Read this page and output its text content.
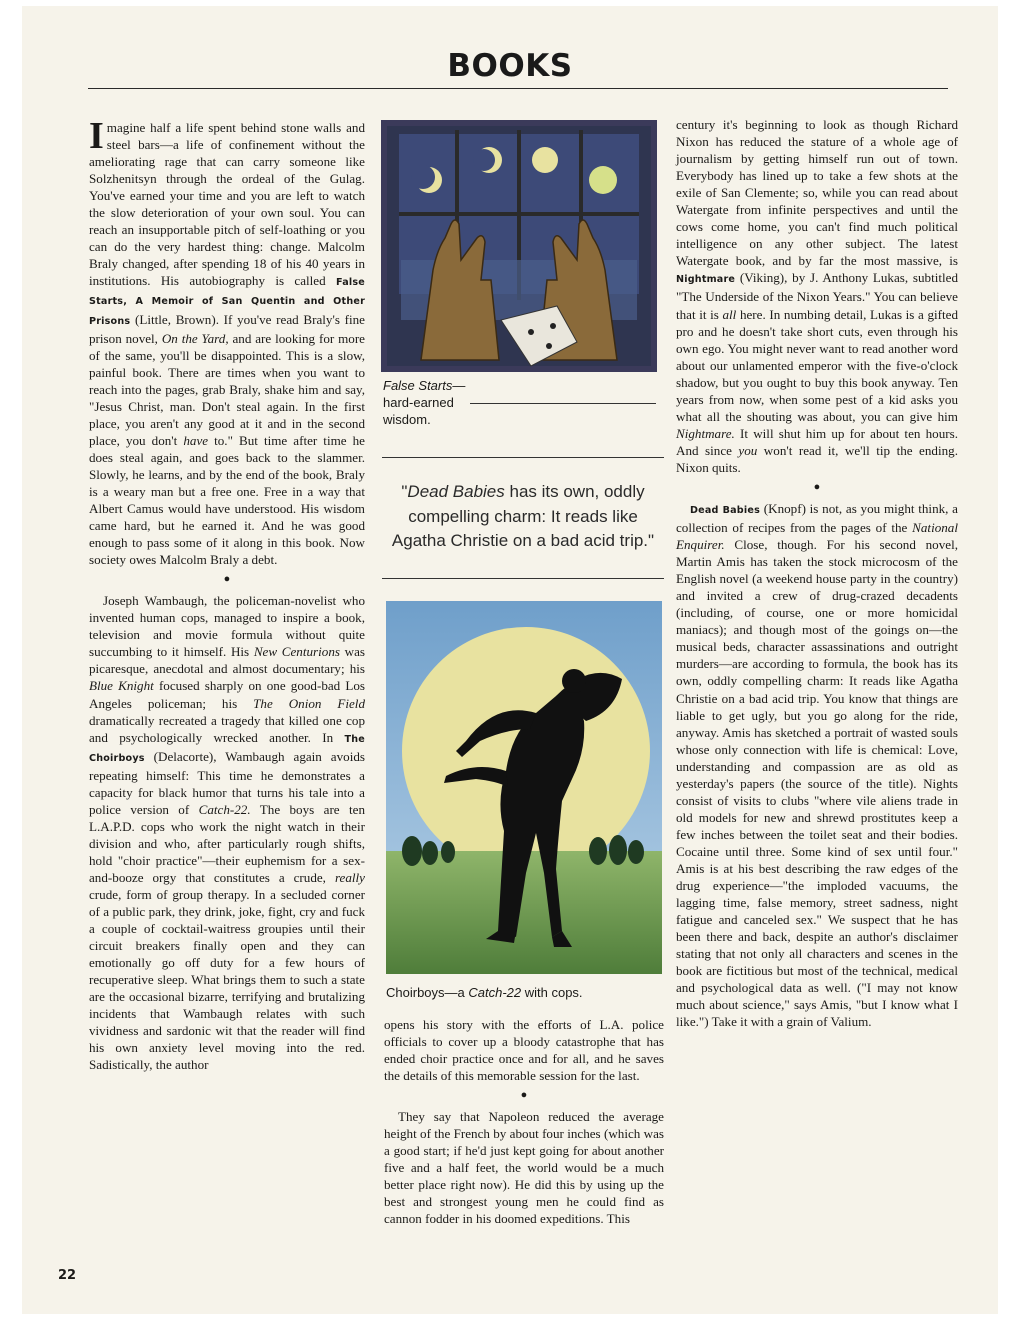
BOOKS

Imagine half a life spent behind stone walls and steel bars—a life of confinement without the ameliorating rage that can carry someone like Solzhenitsyn through the ordeal of the Gulag. You've earned your time and you are left to watch the slow deterioration of your own soul. You can reach an insupportable pitch of self-loathing or you can do the very hardest thing: change. Malcolm Braly changed, after spending 18 of his 40 years in institutions. His autobiography is called False Starts, A Memoir of San Quentin and Other Prisons (Little, Brown). If you've read Braly's fine prison novel, On the Yard, and are looking for more of the same, you'll be disappointed. This is a slow, painful book. There are times when you want to reach into the pages, grab Braly, shake him and say, "Jesus Christ, man. Don't steal again. In the first place, you aren't any good at it and in the second place, you don't have to." But time after time he does steal again, and goes back to the slammer. Slowly, he learns, and by the end of the book, Braly is a weary man but a free one. Free in a way that Albert Camus would have understood. His wisdom came hard, but he earned it. And he was good enough to pass some of it along in this book. Now society owes Malcolm Braly a debt.

●

Joseph Wambaugh, the policeman-novelist who invented human cops, managed to inspire a book, television and movie formula without quite succumbing to it himself. His New Centurions was picaresque, anecdotal and almost documentary; his Blue Knight focused sharply on one good-bad Los Angeles policeman; his The Onion Field dramatically recreated a tragedy that killed one cop and psychologically wrecked another. In The Choirboys (Delacorte), Wambaugh again avoids repeating himself: This time he demonstrates a capacity for black humor that turns his tale into a police version of Catch-22. The boys are ten L.A.P.D. cops who work the night watch in their division and who, after particularly rough shifts, hold "choir practice"—their euphemism for a sex-and-booze orgy that constitutes a crude, really crude, form of group therapy. In a secluded corner of a public park, they drink, joke, fight, cry and fuck a couple of cocktail-waitress groupies until their circuit breakers finally open and they can emotionally go off duty for a few hours of recuperative sleep. What brings them to such a state are the occasional bizarre, terrifying and brutalizing incidents that Wambaugh relates with such vividness and sardonic wit that the reader will find his own anxiety level moving into the red. Sadistically, the author

False Starts—hard-earned wisdom.

"Dead Babies has its own, oddly compelling charm: It reads like Agatha Christie on a bad acid trip."

Choirboys—a Catch-22 with cops.

opens his story with the efforts of L.A. police officials to cover up a bloody catastrophe that has ended choir practice once and for all, and he saves the details of this memorable session for the last.

●

They say that Napoleon reduced the average height of the French by about four inches (which was a good start; if he'd just kept going for about another five and a half feet, the world would be a much better place right now). He did this by using up the best and strongest young men he could find as cannon fodder in his doomed expeditions. This

century it's beginning to look as though Richard Nixon has reduced the stature of a whole age of journalism by getting himself run out of town. Everybody has lined up to take a few shots at the exile of San Clemente; so, while you can read about Watergate from infinite perspectives and until the cows come home, you can't find much political intelligence on any other subject. The latest Watergate book, and by far the most massive, is Nightmare (Viking), by J. Anthony Lukas, subtitled "The Underside of the Nixon Years." You can believe that it is all here. In numbing detail, Lukas is a gifted pro and he doesn't take short cuts, even through his own ego. You might never want to read another word about our unlamented emperor with the five-o'clock shadow, but you ought to buy this book anyway. Ten years from now, when some pest of a kid asks you what all the shouting was about, you can give him Nightmare. It will shut him up for about ten hours. And since you won't read it, we'll tip the ending. Nixon quits.

●

Dead Babies (Knopf) is not, as you might think, a collection of recipes from the pages of the National Enquirer. Close, though. For his second novel, Martin Amis has taken the stock microcosm of the English novel (a weekend house party in the country) and invited a crew of drug-crazed decadents (including, of course, one or more homicidal maniacs); and though most of the goings on—the musical beds, character assassinations and outright murders—are according to formula, the book has its own, oddly compelling charm: It reads like Agatha Christie on a bad acid trip. You know that things are liable to get ugly, but you go along for the ride, anyway. Amis has sketched a portrait of wasted souls whose only connection with life is chemical: Love, understanding and compassion are as old as yesterday's papers (the source of the title). Nights consist of visits to clubs "where vile aliens trade in old models for new and shrewd prostitutes keep a few inches between the toilet seat and their bodies. Cocaine until three. Some kind of sex until four." Amis is at his best describing the raw edges of the drug experience—"the imploded vacuums, the lagging time, false memory, street sadness, night fatigue and canceled sex." We suspect that he has been there and back, despite an author's disclaimer stating that not only all characters and scenes in the book are fictitious but most of the technical, medical and psychological data as well. ("I may not know much about science," says Amis, "but I know what I like.") Take it with a grain of Valium.

22
